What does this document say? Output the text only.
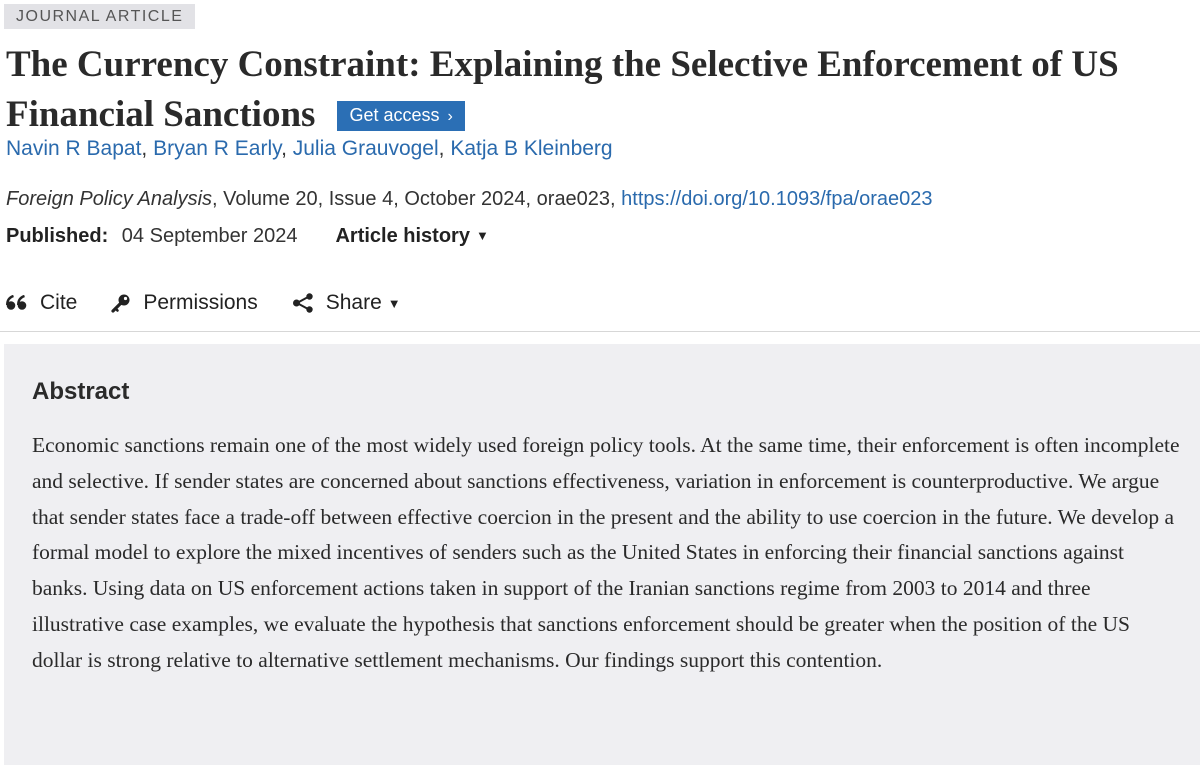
JOURNAL ARTICLE
The Currency Constraint: Explaining the Selective Enforcement of US Financial Sanctions Get access ›
Navin R Bapat, Bryan R Early, Julia Grauvogel, Katja B Kleinberg
Foreign Policy Analysis, Volume 20, Issue 4, October 2024, orae023, https://doi.org/10.1093/fpa/orae023
Published: 04 September 2024 Article history ▼
Cite	Permissions	Share ▼
Abstract

Economic sanctions remain one of the most widely used foreign policy tools. At the same time, their enforcement is often incomplete and selective. If sender states are concerned about sanctions effectiveness, variation in enforcement is counterproductive. We argue that sender states face a trade-off between effective coercion in the present and the ability to use coercion in the future. We develop a formal model to explore the mixed incentives of senders such as the United States in enforcing their financial sanctions against banks. Using data on US enforcement actions taken in support of the Iranian sanctions regime from 2003 to 2014 and three illustrative case examples, we evaluate the hypothesis that sanctions enforcement should be greater when the position of the US dollar is strong relative to alternative settlement mechanisms. Our findings support this contention.
